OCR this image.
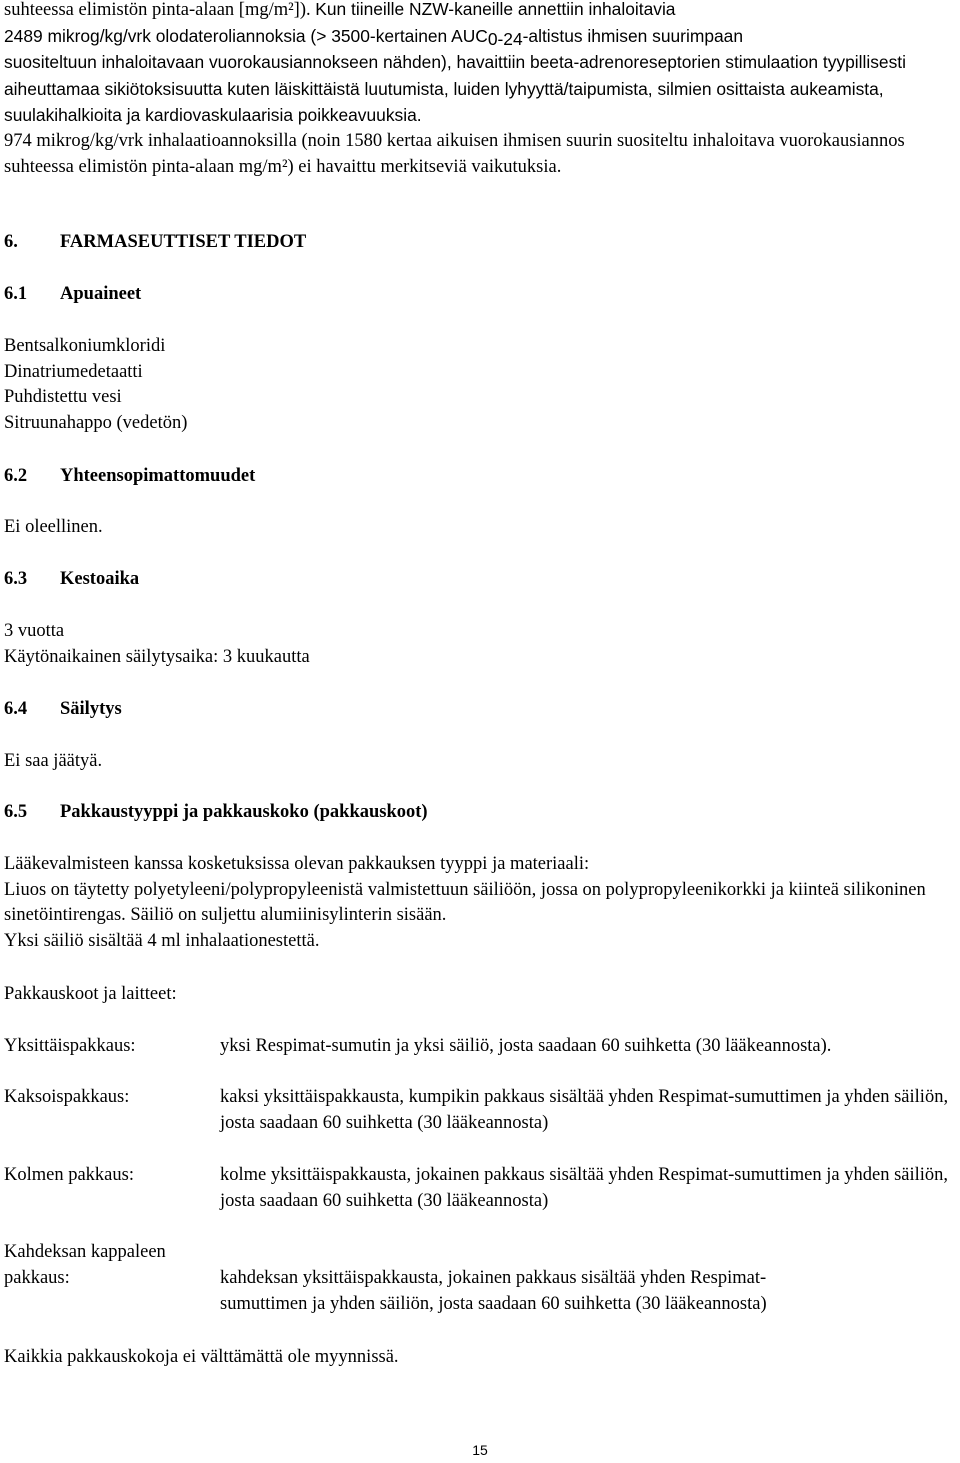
suhteessa elimistön pinta-alaan [mg/m²]). Kun tiineille NZW-kaneille annettiin inhaloitavia
2489 mikrog/kg/vrk olodateroliannoksia (> 3500-kertainen $AUC_{0-24}$-altistus ihmisen suurimpaan
suositeltuun inhaloitavaan vuorokausiannokseen nähden), havaittiin beeta-adrenoreseptorien stimulaation tyypillisesti aiheuttamaa sikiötoksisuutta kuten läiskittäistä luutumista, luiden lyhyyttä/taipumista, silmien osittaista aukeamista, suulakihalkioita ja kardiovaskulaarisia poikkeavuuksia.

974 mikrog/kg/vrk inhalaatioannoksilla (noin 1580 kertaa aikuisen ihmisen suurin suositeltu inhaloitava vuorokausiannos suhteessa elimistön pinta-alaan mg/m²) ei havaittu merkitseviä vaikutuksia.

6. FARMASEUTTISET TIEDOT
6.1 Apuaineet
Bentsalkoniumkloridi
Dinatriumedetaatti
Puhdistettu vesi
Sitruunahappo (vedetön)
6.2 Yhteensopimattomuudet
Ei oleellinen.
6.3 Kestoaika
3 vuotta
Käytönaikainen säilytysaika: 3 kuukautta
6.4 Säilytys
Ei saa jäätyä.
6.5 Pakkaustyyppi ja pakkauskoko (pakkauskoot)
Lääkevalmisteen kanssa kosketuksissa olevan pakkauksen tyyppi ja materiaali:
Liuos on täytetty polyetyleeni/polypropyleenistä valmistettuun säiliöön, jossa on polypropyleenikorkki ja kiinteä silikoninen sinetöintirengas. Säiliö on suljettu alumiinisylinterin sisään.
Yksi säiliö sisältää 4 ml inhalaationestettä.
Pakkauskoot ja laitteet:
Yksittäispakkaus:	yksi Respimat-sumutin ja yksi säiliö, josta saadaan 60 suihketta (30 lääkeannosta).
Kaksoispakkaus:	kaksi yksittäispakkausta, kumpikin pakkaus sisältää yhden Respimat-sumuttimen ja yhden säiliön, josta saadaan 60 suihketta (30 lääkeannosta)
Kolmen pakkaus:	kolme yksittäispakkausta, jokainen pakkaus sisältää yhden Respimat-sumuttimen ja yhden säiliön, josta saadaan 60 suihketta (30 lääkeannosta)
Kahdeksan kappaleen pakkaus:	kahdeksan yksittäispakkausta, jokainen pakkaus sisältää yhden Respimat-
sumuttimen ja yhden säiliön, josta saadaan 60 suihketta (30 lääkeannosta)
Kaikkia pakkauskokoja ei välttämättä ole myynnissä.
15
